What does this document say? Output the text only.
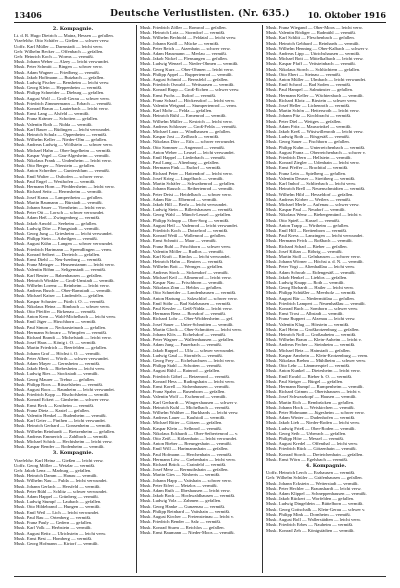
13406	Deutsche Verlustlisten. (Nr. 635.)	10. Oktober 1916
2. Kompagnie.
Lt. d. R. Hugo Dietrich — Mainz, Hessen — gefallen.
Vizefeldw. Otto Schäfer — Gießen — schwer verw.
Uoffz. Karl Müller — Darmstadt — leicht verw.
Gefr. Wilhelm Becker — Offenbach — gefallen.
Gefr. Heinrich Koch — Worms — vermißt.
Musk. Johann Weber — Alzey — leicht verwundet.
Musk. Peter Schmitt — Bingen — schwer verw.
Musk. Adam Wagner — Friedberg — vermißt.
Musk. Jakob Hoffmann — Butzbach — gefallen.
Musk. Ludwig Fischer — Bensheim — leicht verw.
Musk. Georg Klein — Heppenheim — vermißt.
Musk. Philipp Schneider — Dieburg — gefallen.
Musk. August Wolf — Groß-Gerau — schwer verw.
Musk. Friedrich Zimmermann — Erbach — vermißt.
Musk. Konrad Braun — Lauterbach — leicht verw.
Musk. Ernst Lang — Alsfeld — vermißt.
Musk. Franz Krämer — Schotten — gefallen.
Musk. Valentin Roth — Nidda — vermißt.
Musk. Karl Bauer — Büdingen — leicht verwundet.
Musk. Heinrich Schulz — Oppenheim — vermißt.
Musk. Wilhelm Keller — Nieder-Olm — gefallen.
Musk. Andreas Ludwig — Wöllstein — schwer verw.
Musk. Michael Hahn — Ober-Ingelheim — vermißt.
Musk. Kaspar Vogel — Gau-Algesheim — vermißt.
Musk. Nikolaus Frank — Undenheim — leicht verw.
Musk. Otto Berger — Nierstein — gefallen.
Musk. Anton Schreiber — Guntersblum — vermißt.
Musk. Emil Walter — Osthofen — schwer verw.
Musk. Paul Engel — Westhofen — vermißt.
Musk. Hermann Horn — Pfeddersheim — leicht verw.
Musk. Richard Seitz — Herrnsheim — vermißt.
Musk. Josef Kraus — Lampertheim — gefallen.
Musk. Martin Baumann — Bürstadt — vermißt.
Musk. Johann Sauer — Viernheim — leicht verw.
Musk. Peter Ott — Lorsch — schwer verwundet.
Musk. Adam Heß — Zwingenberg — vermißt.
Musk. Jakob Arnold — Seeheim — gefallen.
Musk. Ludwig Dörr — Pfungstadt — vermißt.
Musk. Georg Jung — Griesheim — leicht verwundet.
Musk. Philipp Stein — Arheilgen — vermißt.
Musk. August Kühn — Langen — schwer verwundet.
Musk. Friedrich Hartmann — Sprendlingen — verm.
Musk. Konrad Seibert — Dreieich — gefallen.
Musk. Ernst Diehl — Neu-Isenburg — vermißt.
Musk. Franz Metzger — Heusenstamm — leicht verw.
Musk. Valentin Böhm — Seligenstadt — vermißt.
Musk. Karl Reuter — Babenhausen — gefallen.
Musk. Heinrich Winkler — Groß-Umstadt — vermißt.
Musk. Wilhelm Lorenz — Reinheim — leicht verw.
Musk. Andreas Busch — Ober-Ramstadt — vermißt.
Musk. Michael Kaiser — Lindenfels — gefallen.
Musk. Kaspar Schuster — Fürth i. O. — vermißt.
Musk. Nikolaus Heinz — Rimbach — schwer verw.
Musk. Otto Pfeiffer — Birkenau — vermißt.
Musk. Anton Kern — Wald-Michelbach — leicht verw.
Musk. Emil Jäger — Hirschhorn — vermißt.
Musk. Paul Simon — Neckarsteinach — gefallen.
Musk. Hermann Schwarz — Wimpfen — vermißt.
Musk. Richard Brandt — Michelstadt — leicht verw.
Musk. Josef Haas — König i. O. — vermißt.
Musk. Martin Friedrich — Beerfelden — gefallen.
Musk. Johann Graf — Höchst i. O. — vermißt.
Musk. Peter Albert — Wörth — schwer verwundet.
Musk. Adam Mayer — Gernsheim — vermißt.
Musk. Jakob Heck — Biebesheim — leicht verw.
Musk. Ludwig Ries — Stockstadt — vermißt.
Musk. Georg Maurer — Trebur — gefallen.
Musk. Philipp Roos — Rüsselsheim — vermißt.
Musk. August Boos — Raunheim — leicht verwundet.
Musk. Friedrich Kopp — Bischofsheim — vermißt.
Musk. Konrad Eckert — Ginsheim — schwer verw.
Musk. Ernst Beck — Kostheim — vermißt.
Musk. Franz Dietz — Kastel — gefallen.
Musk. Valentin Henkel — Budenheim — vermißt.
Musk. Karl Geier — Finthen — leicht verwundet.
Musk. Heinrich Gerhard — Gonsenheim — vermißt.
Musk. Wilhelm Reinhardt — Bretzenheim — gefallen.
Musk. Andreas Emmerich — Zahlbach — vermißt.
Musk. Michael Schick — Hechtsheim — leicht verw.
Musk. Kaspar Bender — Bodenheim — vermißt.
3. Kompagnie.
Vizefeldw. Karl Heinz — Gießen — leicht verw.
Uoffz. Georg Möller — Wetzlar — vermißt.
Gefr. Jakob Lenz — Marburg — gefallen.
Musk. Heinrich Damm — Hanau — vermißt.
Musk. Wilhelm Nau — Fulda — leicht verwundet.
Musk. Johann Gerlach — Hersfeld — vermißt.
Musk. Peter Rühl — Schlitz — schwer verwundet.
Musk. Adam Happel — Grünberg — vermißt.
Musk. Ludwig Stumpf — Laubach — gefallen.
Musk. Otto Hildebrand — Hungen — vermißt.
Musk. Emil Weil — Lich — leicht verwundet.
Musk. Paul Rau — Ortenberg — vermißt.
Musk. Franz Pauly — Gedern — gefallen.
Musk. Karl Volk — Herbstein — vermißt.
Musk. August Reitz — Ulrichstein — leicht verw.
Musk. Ernst Best — Homberg — vermißt.
Musk. Georg Hofmann — Kirtorf — vermißt.
Musk. Friedrich Zöller — Romrod — gefallen.
Musk. Heinrich Lotz — Storndorf — vermißt.
Musk. Wilhelm Bechtold — Feldatal — leicht verw.
Musk. Johann Knöll — Mücke — vermißt.
Musk. Peter Reich — Atzenhain — schwer verw.
Musk. Adam Hausmann — Merlau — vermißt.
Musk. Jakob Nickel — Flensungen — gefallen.
Musk. Ludwig Wenzel — Nieder-Ohmen — vermißt.
Musk. Georg Kurz — Ober-Ohmen — leicht verw.
Musk. Philipp Appel — Ruppertenrod — vermißt.
Musk. August Schmid — Bernsfeld — gefallen.
Musk. Friedrich Oswald — Wettsaasen — vermißt.
Musk. Konrad Rupp — Groß-Eichen — schwer verw.
Musk. Ernst Fuchs — Ilsdorf — vermißt.
Musk. Franz Schaaf — Höckersdorf — leicht verw.
Musk. Valentin Weigand — Stumpertenrod — verm.
Musk. Karl Mohr — Felda — gefallen.
Musk. Heinrich Rühl — Ermenrod — vermißt.
Musk. Wilhelm Müller — Kestrich — leicht verw.
Musk. Andreas Schlosser — Groß-Felda — vermißt.
Musk. Michael Laux — Windhausen — gefallen.
Musk. Kaspar Jost — Zeilbach — vermißt.
Musk. Nikolaus Dörr — Eifa — schwer verwundet.
Musk. Otto Sommer — Angenrod — vermißt.
Musk. Anton Weber — Leusel — leicht verwundet.
Musk. Emil Happel — Liederbach — vermißt.
Musk. Paul Lang — Altenburg — gefallen.
Musk. Hermann Fink — Eudorf — vermißt.
Musk. Richard Peter — Hattendorf — leicht verw.
Musk. Josef Krieg — Lingelbach — vermißt.
Musk. Martin Schäfer — Schwabenrod — gefallen.
Musk. Johann Rausch — Reibertenrod — vermißt.
Musk. Peter Deist — Heidelbach — schwer verw.
Musk. Adam Bär — Elbenrod — vermißt.
Musk. Jakob Hill — Berfa — leicht verwundet.
Musk. Ludwig Stein — Billertshausen — vermißt.
Musk. Georg Wahl — Münch-Leusel — gefallen.
Musk. Philipp Schupp — Ober-Sorg — vermißt.
Musk. August Heil — Vadenrod — leicht verwundet.
Musk. Friedrich Koch — Dotzelrod — vermißt.
Musk. Konrad Weiß — Wallenrod — gefallen.
Musk. Ernst Schmitt — Maar — vermißt.
Musk. Franz Ruhl — Frischborn — schwer verw.
Musk. Valentin Möller — Rudlos — vermißt.
Musk. Karl Kraft — Rimlos — leicht verwundet.
Musk. Heinrich Hahn — Reuters — vermißt.
Musk. Wilhelm Bott — Wernges — gefallen.
Musk. Andreas Stock — Sickendorf — vermißt.
Musk. Michael Keil — Allmenrod — leicht verw.
Musk. Kaspar Nau — Frischborn — vermißt.
Musk. Nikolaus Zinn — Heblos — gefallen.
Musk. Otto Schneider — Landenhausen — vermißt.
Musk. Anton Hartung — Salzschlirf — schwer verw.
Musk. Emil Stöhr — Bad Salzhausen — vermißt.
Musk. Paul Kessler — Geiß-Nidda — leicht verw.
Musk. Hermann Benz — Borsdorf — vermißt.
Musk. Richard Lohr — Ober-Widdersheim — gef.
Musk. Josef Sauer — Unter-Schmitten — vermißt.
Musk. Martin Glock — Ober-Schmitten — leicht verw.
Musk. Johann Klös — Eichelsdorf — vermißt.
Musk. Peter Wagner — Wallernhausen — gefallen.
Musk. Adam Jung — Fauerbach — vermißt.
Musk. Jakob Ruppel — Ulfa — schwer verwundet.
Musk. Ludwig Gaul — Stornfels — vermißt.
Musk. Georg Frey — Eichelsachsen — leicht verw.
Musk. Philipp Stahl — Schotten — vermißt.
Musk. August Rühl — Rainrod — gefallen.
Musk. Friedrich Göbel — Betzenrod — vermißt.
Musk. Konrad Hess — Rudingshain — leicht verw.
Musk. Ernst Korell — Sichenhausen — vermißt.
Musk. Franz Spahn — Busenborn — gefallen.
Musk. Valentin Wolf — Eschenrod — vermißt.
Musk. Karl Gerhardt — Wingershausen — schwer v.
Musk. Heinrich Kuhl — Michelbach — vermißt.
Musk. Wilhelm Walther — Burkhards — leicht verw.
Musk. Andreas Lauer — Kaulstoß — vermißt.
Musk. Michael Ritter — Götzen — gefallen.
Musk. Kaspar Klein — Sellnrod — vermißt.
Musk. Nikolaus Eckhardt — Ober-Seibertenrod — v.
Musk. Otto Zeiß — Kölzenhain — leicht verwundet.
Musk. Anton Bieber — Breungeshain — vermißt.
Musk. Emil Will — Hartmannshain — gefallen.
Musk. Paul Hofmann — Herchenhain — vermißt.
Musk. Hermann Löw — Grebenhain — leicht verw.
Musk. Richard Brück — Crainfeld — vermißt.
Musk. Josef Merz — Bermuthshain — gefallen.
Musk. Martin Gies — Nösberts — vermißt.
Musk. Johann Happ — Vaitshain — schwer verw.
Musk. Peter Eifert — Metzlos — vermißt.
Musk. Adam Ruth — Ilbeshausen — leicht verw.
Musk. Jakob Bock — Hochwaldhausen — vermißt.
Musk. Ludwig Volz — Zahmen — gefallen.
Musk. Georg Hanke — Gunzenau — vermißt.
Musk. Philipp Reinhard — Vaitshain — vermißt.
Musk. August Kircher — Freiensteinau — leicht v.
Musk. Friedrich Bender — Salz — vermißt.
Musk. Konrad Sturm — Reichlos — gefallen.
Musk. Ernst Baumann — Nieder-Moos — vermißt.
Musk. Franz Wiegand — Ober-Moos — leicht verw.
Musk. Valentin Rödiger — Radmühl — vermißt.
Musk. Karl Schlitt — Fleschenbach — gefallen.
Musk. Heinrich Gebhard — Reinhards — vermißt.
Musk. Wilhelm Henning — Ober-Kalbach — schwer v.
Musk. Andreas Lipp — Uttrichshausen — vermißt.
Musk. Michael Bott — Mittelkalbach — leicht verw.
Musk. Kaspar Pfaff — Veitsteinbach — vermißt.
Musk. Nikolaus Storch — Schlüchtern — gefallen.
Musk. Otto Ebert — Steinau — vermißt.
Musk. Anton Müller — Ulmbach — leicht verwundet.
Musk. Emil Schrod — Bad Soden — vermißt.
Musk. Paul Hampel — Salmünster — gefallen.
Musk. Hermann Keller — Wächtersbach — vermißt.
Musk. Richard Klotz — Birstein — schwer verw.
Musk. Josef Heller — Lichenroth — vermißt.
Musk. Martin Schön — Hettersroth — leicht verw.
Musk. Johann Pitz — Kirchbracht — vermißt.
Musk. Peter Diel — Wettges — gefallen.
Musk. Adam Fritz — Mauswinkel — vermißt.
Musk. Jakob Kreß — Wüstwillenroth — leicht verw.
Musk. Ludwig Roth — Bösgesäß — vermißt.
Musk. Georg Sauer — Fischborn — gefallen.
Musk. Philipp Kuhn — Unterreichenbach — vermißt.
Musk. August Franz — Oberreichenbach — schwer v.
Musk. Friedrich Dern — Hellstein — vermißt.
Musk. Konrad Ziegler — Udenhain — leicht verw.
Musk. Ernst Pfeffer — Brachttal — vermißt.
Musk. Franz Lein — Spielberg — gefallen.
Musk. Valentin Deuser — Streitberg — vermißt.
Musk. Karl Imhof — Schlierbach — leicht verw.
Musk. Heinrich Brell — Neuenschmidten — vermißt.
Musk. Wilhelm Hild — Hesseldorf — gefallen.
Musk. Andreas Körber — Weilers — vermißt.
Musk. Michael Merle — Aufenau — schwer verw.
Musk. Kaspar Paul — Neudorf — vermißt.
Musk. Nikolaus Wenz — Biebergemünd — leicht v.
Musk. Otto Spieß — Kassel — vermißt.
Musk. Anton Trapp — Wirtheim — gefallen.
Musk. Emil Hill — Breitenborn — vermißt.
Musk. Paul Kress — Lanzingen — leicht verwundet.
Musk. Hermann Feick — Roßbach — vermißt.
Musk. Richard Schad — Bieber — gefallen.
Musk. Josef Kilian — Röhrig — vermißt.
Musk. Martin Stoll — Gelnhausen — schwer verw.
Musk. Johann Wörner — Höchst a. d. N. — vermißt.
Musk. Peter Vogt — Altenhaßlau — leicht verw.
Musk. Adam Schwab — Eidengesäß — vermißt.
Musk. Jakob Henkel — Lieblos — gefallen.
Musk. Ludwig Knapp — Roth — vermißt.
Musk. Georg Ehrhardt — Hailer — leicht verw.
Musk. Philipp Schüßler — Meerholz — vermißt.
Musk. August Bär — Niedermittlau — gefallen.
Musk. Friedrich Lampert — Neuenhaßlau — vermißt.
Musk. Konrad Buch — Somborn — schwer verw.
Musk. Ernst Trost — Albstadt — vermißt.
Musk. Franz Ruppert — Alzenau — leicht verw.
Musk. Valentin Klug — Hörstein — vermißt.
Musk. Karl Heim — Großkrotzenburg — gefallen.
Musk. Heinrich Noll — Großauheim — vermißt.
Musk. Wilhelm Braun — Klein-Auheim — leicht v.
Musk. Andreas Fecher — Steinheim — vermißt.
Musk. Michael Betz — Hainstadt — gefallen.
Musk. Kaspar Amrhein — Klein-Krotzenburg — verm.
Musk. Nikolaus Brehm — Mühlheim — schwer verw.
Musk. Otto Lehr — Lämmerspiel — vermißt.
Musk. Anton Kunkel — Dietesheim — leicht verw.
Musk. Emil Ewald — Bieber b. O. — vermißt.
Musk. Paul Steiger — Bürgel — gefallen.
Musk. Hermann Rumpf — Rumpenheim — vermißt.
Musk. Richard Grimm — Obertshausen — leicht v.
Musk. Josef Schwarzkopf — Hausen — vermißt.
Musk. Martin Eich — Rembrücken — gefallen.
Musk. Johann Hock — Weiskirchen — vermißt.
Musk. Peter Hohmann — Jügesheim — schwer verw.
Musk. Adam Winter — Dudenhofen — vermißt.
Musk. Jakob Lieb — Nieder-Roden — leicht verw.
Musk. Ludwig Frieß — Ober-Roden — vermißt.
Musk. Georg Seib — Urberach — gefallen.
Musk. Philipp Hörr — Messel — vermißt.
Musk. August Kredel — Offenthal — leicht verw.
Musk. Friedrich Rück — Götzenhain — vermißt.
Musk. Konrad Storck — Dreieichenhain — gefallen.
Musk. Ernst Wörn — Egelsbach — vermißt.
4. Kompagnie.
Uoffz. Heinrich Lerch — Erzhausen — vermißt.
Gefr. Wilhelm Schüler — Gräfenhausen — gefallen.
Musk. Johann Eckstein — Weiterstadt — vermißt.
Musk. Peter Hechler — Braunshardt — leicht verw.
Musk. Adam Klippel — Schneppenhausen — vermißt.
Musk. Jakob Rückert — Worfelden — gefallen.
Musk. Ludwig Dingeldein — Büttelborn — vermißt.
Musk. Georg Gottschalk — Klein-Gerau — schwer v.
Musk. Philipp Mink — Dornheim — vermißt.
Musk. August Boll — Wallerstädten — leicht verw.
Musk. Friedrich Erbes — Nauheim — vermißt.
Musk. Konrad Zeh — Königstädten — vermißt.
